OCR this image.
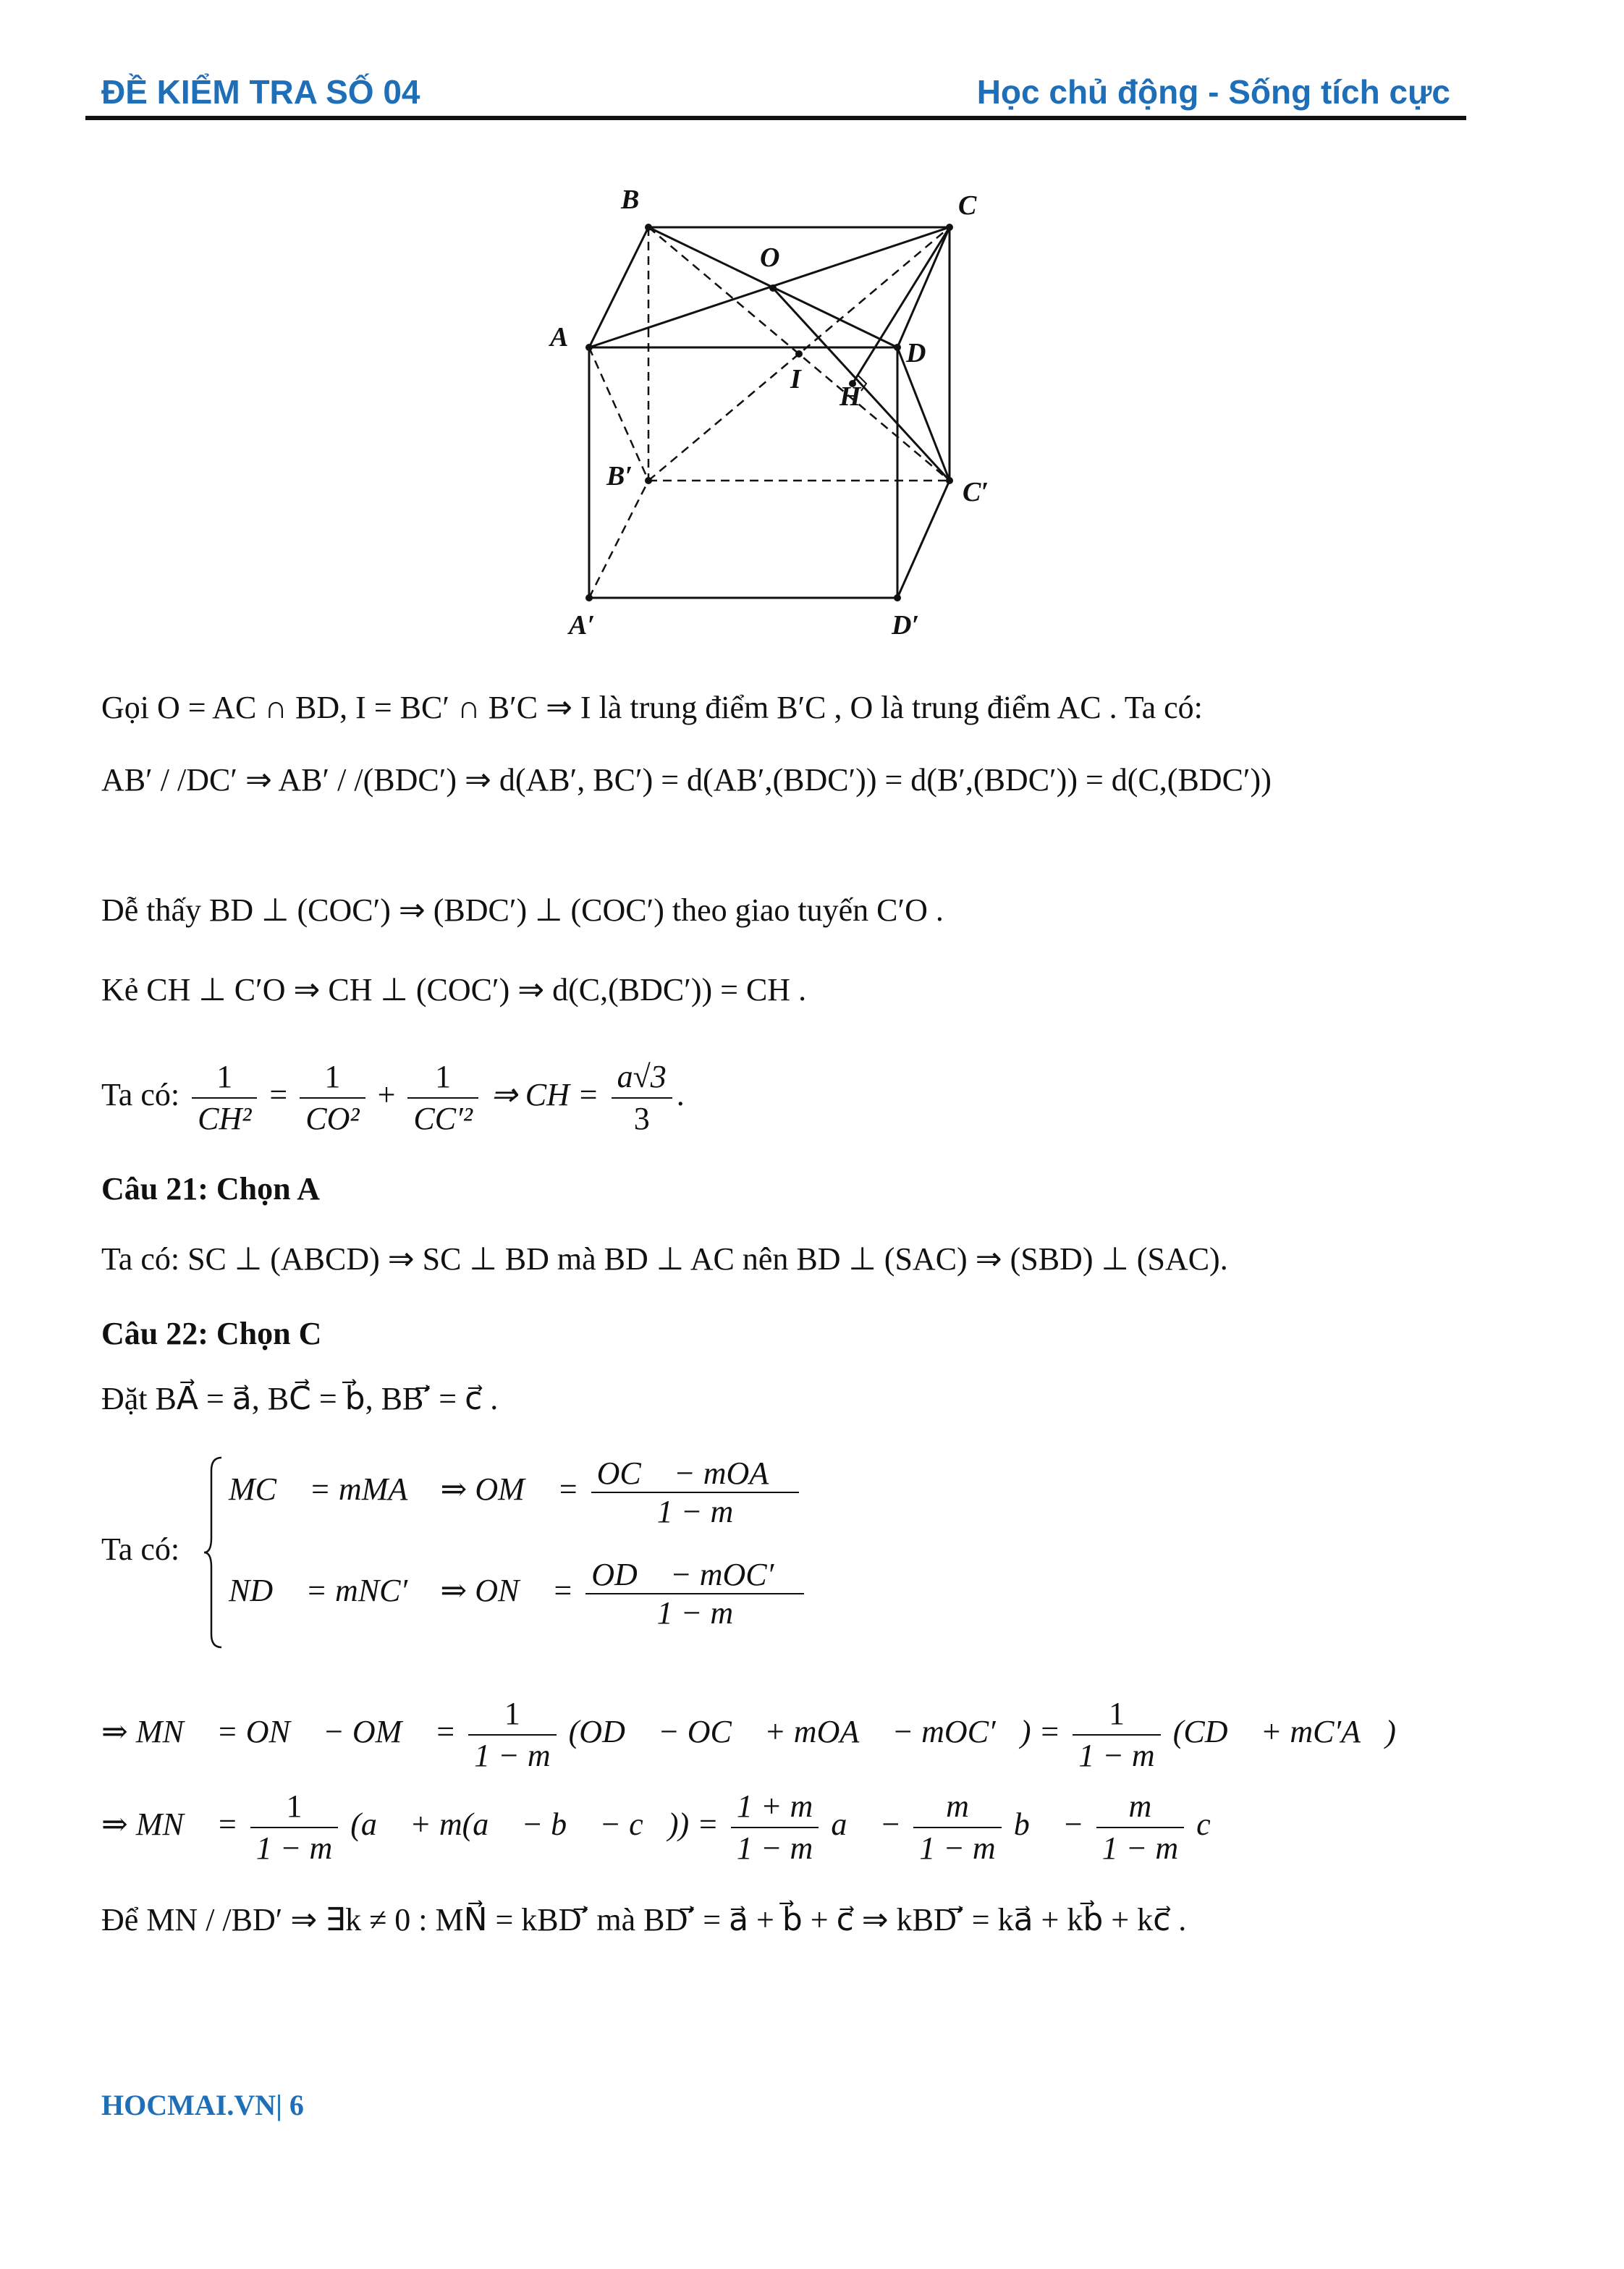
ĐỀ KIỂM TRA SỐ 04	Học chủ động - Sống tích cực
B	C
O
A
D
I
H
B′
C′
A′	D′
Gọi O = AC ∩ BD, I = BC′ ∩ B′C ⇒ I là trung điểm B′C , O là trung điểm AC . Ta có:
AB′ / /DC′ ⇒ AB′ / /(BDC′) ⇒ d(AB′, BC′) = d(AB′,(BDC′)) = d(B′,(BDC′)) = d(C,(BDC′))
Dễ thấy BD ⊥ (COC′) ⇒ (BDC′) ⊥ (COC′) theo giao tuyến C′O .
Kẻ CH ⊥ C′O ⇒ CH ⊥ (COC′) ⇒ d(C,(BDC′)) = CH .
Ta có: $\frac{1}{\text{CH²}} = \frac{1}{\text{CO²}} + \frac{1}{\text{CC′²}}$ ⇒ CH = $\frac{a√3}{3}$ .
Câu 21: Chọn A
Ta có: SC ⊥ (ABCD) ⇒ SC ⊥ BD mà BD ⊥ AC nên BD ⊥ (SAC) ⇒ (SBD) ⊥ (SAC).
Câu 22: Chọn C
Đặt BA⃗ = a⃗, BC⃗ = b⃗, BB′⃗ = c⃗ .
Ta có:
MC⃗ = mMA⃗ ⇒ OM⃗ = $\frac{\text{OC⃗ − mOA⃗}}{1 - m}$
ND⃗ = mNC′⃗ ⇒ ON⃗ = $\frac{\text{OD⃗ − mOC′⃗}}{1 - m}$
⇒ MN⃗ = ON⃗ − OM⃗ = $\frac{1}{1 - m}$ (OD⃗ − OC⃗ + mOA⃗ − mOC′⃗) = $\frac{1}{1 - m}$ (CD⃗ + mC′A⃗)
⇒ MN⃗ = $\frac{1}{1 - m}$ (a⃗ + m(a⃗ − b⃗ − c⃗)) = $\frac{1 + m}{1 - m}$ a⃗ − $\frac{m}{1 - m}$ b⃗ − $\frac{m}{1 - m}$ c⃗
Để MN / /BD′ ⇒ ∃k ≠ 0 : MN⃗ = kBD′⃗ mà BD′⃗ = a⃗ + b⃗ + c⃗ ⇒ kBD′⃗ = ka⃗ + kb⃗ + kc⃗ .
HOCMAI.VN| 6
